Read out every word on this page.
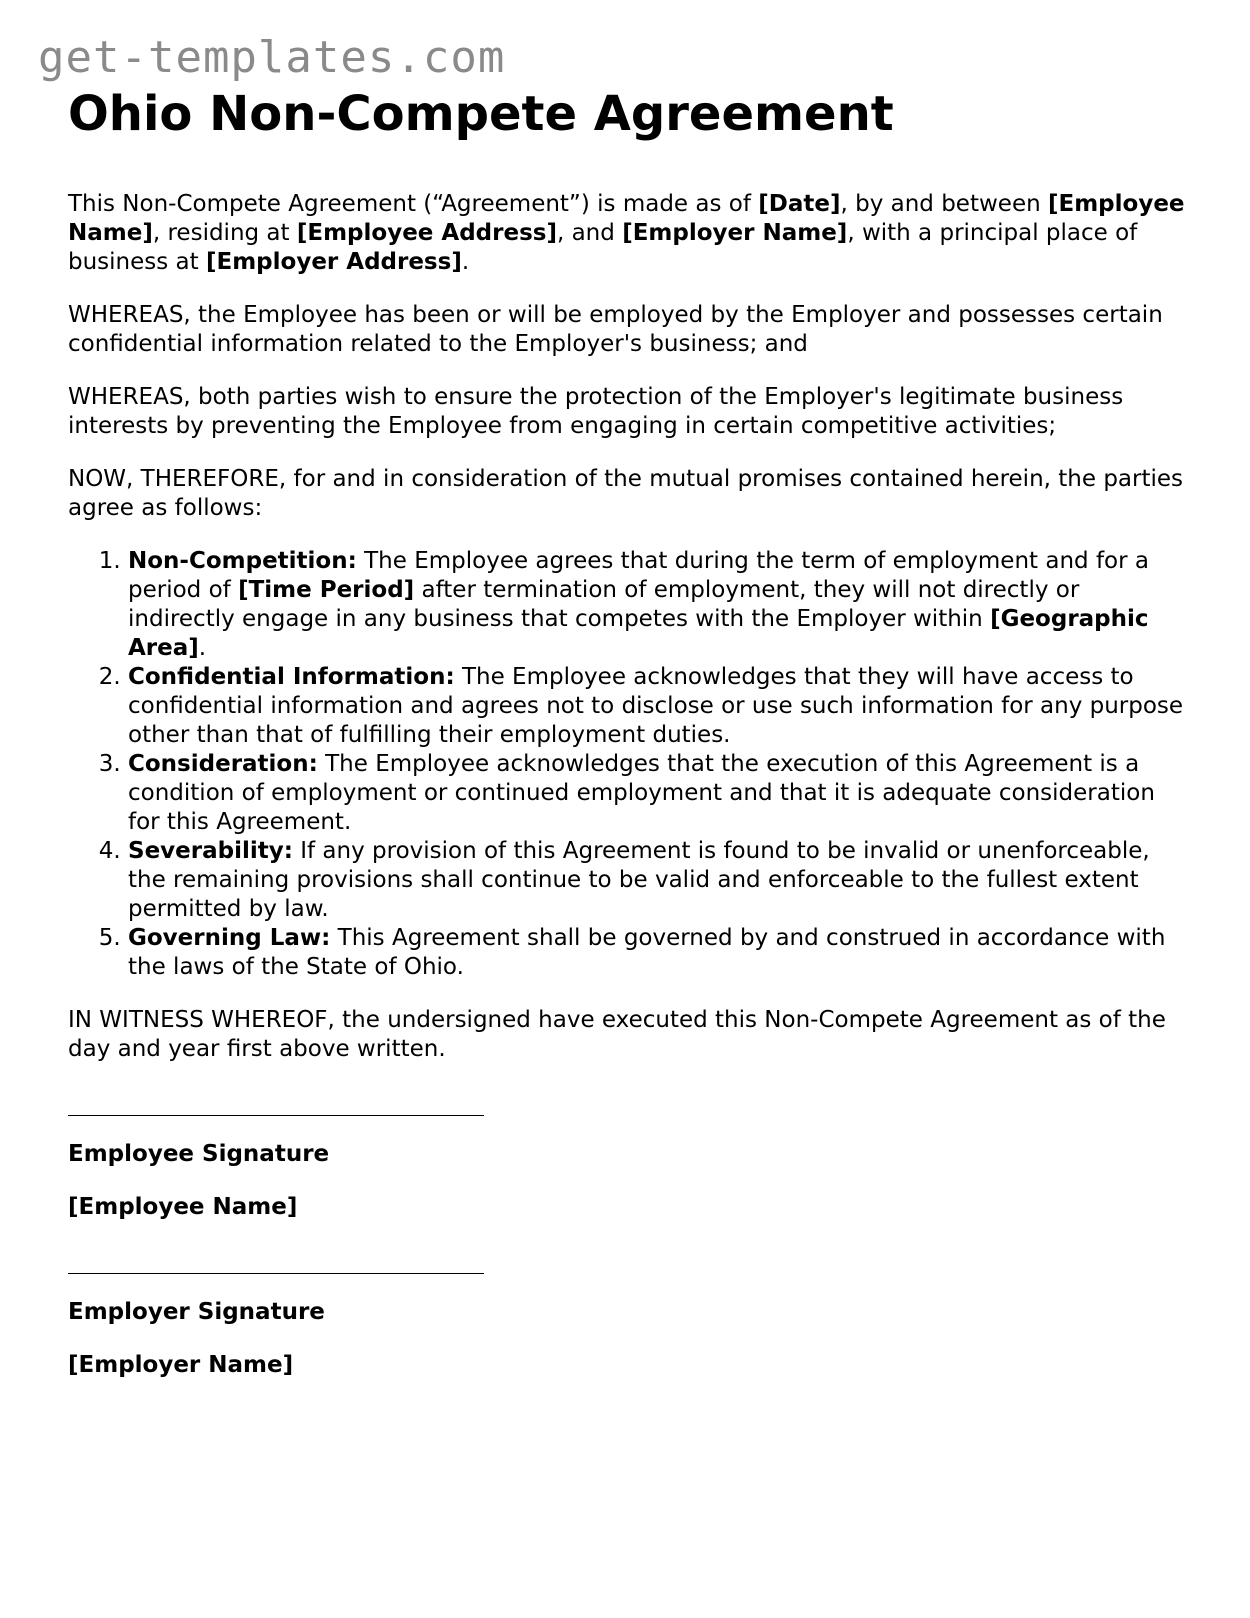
get-templates.com
Ohio Non-Compete Agreement

This Non-Compete Agreement (“Agreement”) is made as of [Date], by and between [Employee Name], residing at [Employee Address], and [Employer Name], with a principal place of business at [Employer Address].

WHEREAS, the Employee has been or will be employed by the Employer and possesses certain confidential information related to the Employer's business; and

WHEREAS, both parties wish to ensure the protection of the Employer's legitimate business interests by preventing the Employee from engaging in certain competitive activities;

NOW, THEREFORE, for and in consideration of the mutual promises contained herein, the parties agree as follows:

1. Non-Competition: The Employee agrees that during the term of employment and for a period of [Time Period] after termination of employment, they will not directly or indirectly engage in any business that competes with the Employer within [Geographic Area].
2. Confidential Information: The Employee acknowledges that they will have access to confidential information and agrees not to disclose or use such information for any purpose other than that of fulfilling their employment duties.
3. Consideration: The Employee acknowledges that the execution of this Agreement is a condition of employment or continued employment and that it is adequate consideration for this Agreement.
4. Severability: If any provision of this Agreement is found to be invalid or unenforceable, the remaining provisions shall continue to be valid and enforceable to the fullest extent permitted by law.
5. Governing Law: This Agreement shall be governed by and construed in accordance with the laws of the State of Ohio.

IN WITNESS WHEREOF, the undersigned have executed this Non-Compete Agreement as of the day and year first above written.

Employee Signature
[Employee Name]
Employer Signature
[Employer Name]
